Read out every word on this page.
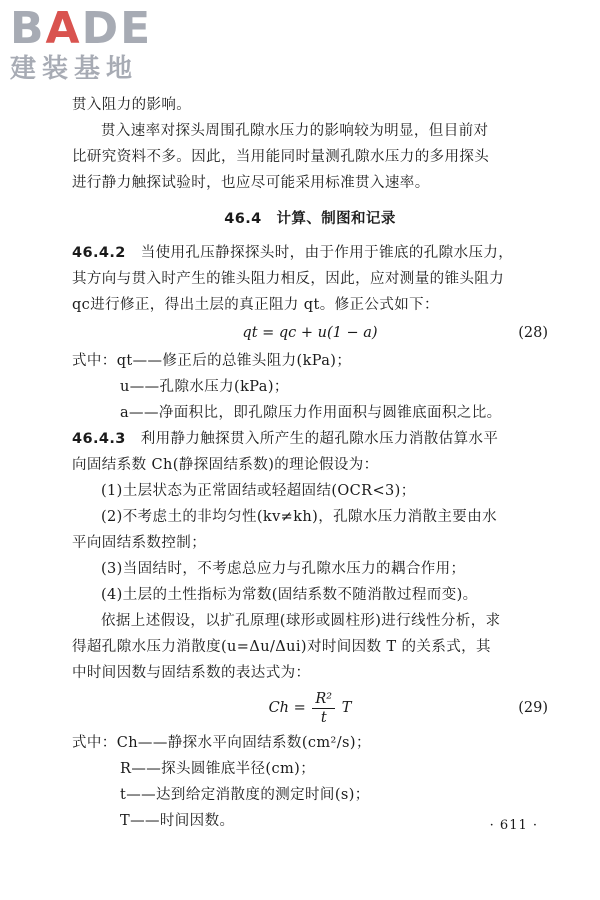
BADE
建装基地
贯入阻力的影响。
贯入速率对探头周围孔隙水压力的影响较为明显，但目前对
比研究资料不多。因此，当用能同时量测孔隙水压力的多用探头
进行静力触探试验时，也应尽可能采用标准贯入速率。
46.4　计算、制图和记录
46.4.2　 当使用孔压静探探头时，由于作用于锥底的孔隙水压力，
其方向与贯入时产生的锥头阻力相反，因此，应对测量的锥头阻力
qc进行修正，得出土层的真正阻力 qt。修正公式如下：
qt = qc + u(1 − a)	(28)
式中：qt——修正后的总锥头阻力(kPa)；
u——孔隙水压力(kPa)；
a——净面积比，即孔隙压力作用面积与圆锥底面积之比。
46.4.3　 利用静力触探贯入所产生的超孔隙水压力消散估算水平
向固结系数 Ch(静探固结系数)的理论假设为：
(1)土层状态为正常固结或轻超固结(OCR<3)；
(2)不考虑土的非均匀性(kv≠kh)，孔隙水压力消散主要由水
平向固结系数控制；
(3)当固结时，不考虑总应力与孔隙水压力的耦合作用；
(4)土层的土性指标为常数(固结系数不随消散过程而变)。
依据上述假设，以扩孔原理(球形或圆柱形)进行线性分析，求
得超孔隙水压力消散度(u=Δu/Δui)对时间因数 T 的关系式，其
中时间因数与固结系数的表达式为：
$Ch = \frac{\text{R²}}{t}$ T	(29)
式中：Ch——静探水平向固结系数(cm²/s)；
R——探头圆锥底半径(cm)；
t——达到给定消散度的测定时间(s)；
T——时间因数。	· 611 ·
